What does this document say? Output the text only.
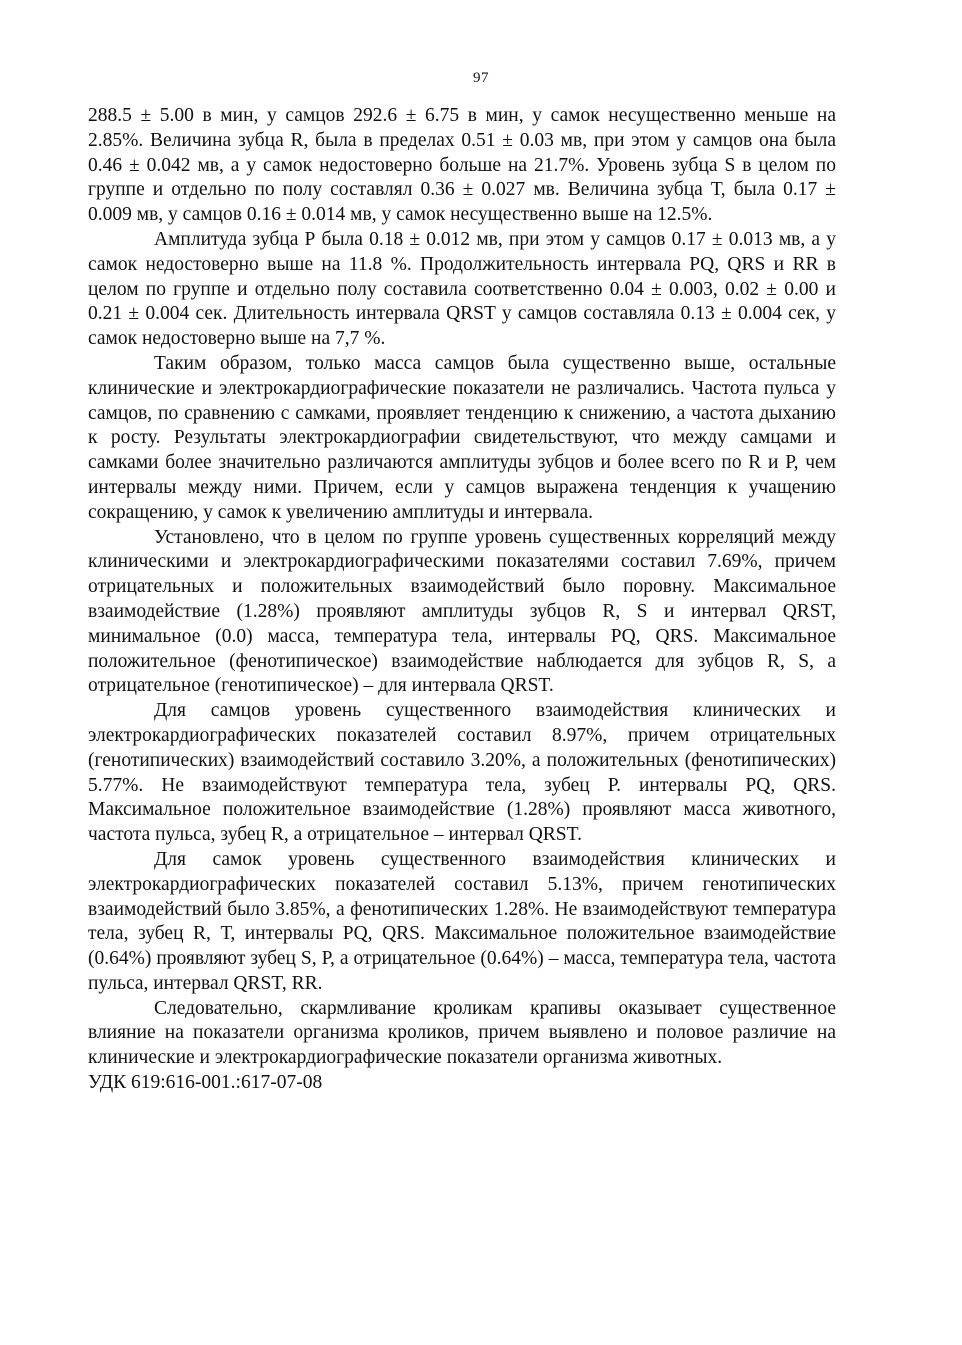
97

288.5 ± 5.00 в мин, у самцов 292.6 ± 6.75 в мин, у самок несущественно меньше на 2.85%. Величина зубца R, была в пределах 0.51 ± 0.03 мв, при этом у самцов она была 0.46 ± 0.042 мв, а у самок недостоверно больше на 21.7%. Уровень зубца S в целом по группе и отдельно по полу составлял 0.36 ± 0.027 мв. Величина зубца Т, была 0.17 ± 0.009 мв, у самцов 0.16 ± 0.014 мв, у самок несущественно выше на 12.5%.

Амплитуда зубца Р была 0.18 ± 0.012 мв, при этом у самцов 0.17 ± 0.013 мв, а у самок недостоверно выше на 11.8 %. Продолжительность интервала PQ, QRS и RR в целом по группе и отдельно полу составила соответственно 0.04 ± 0.003, 0.02 ± 0.00 и 0.21 ± 0.004 сек. Длительность интервала QRST у самцов составляла 0.13 ± 0.004 сек, у самок недостоверно выше на 7,7 %.

Таким образом, только масса самцов была существенно выше, остальные клинические и электрокардиографические показатели не различались. Частота пульса у самцов, по сравнению с самками, проявляет тенденцию к снижению, а частота дыханию к росту. Результаты электрокардиографии свидетельствуют, что между самцами и самками более значительно различаются амплитуды зубцов и более всего по R и Р, чем интервалы между ними. Причем, если у самцов выражена тенденция к учащению сокращению, у самок к увеличению амплитуды и интервала.

Установлено, что в целом по группе уровень существенных корреляций между клиническими и электрокардиографическими показателями составил 7.69%, причем отрицательных и положительных взаимодействий было поровну. Максимальное взаимодействие (1.28%) проявляют амплитуды зубцов R, S и интервал QRST, минимальное (0.0) масса, температура тела, интервалы PQ, QRS. Максимальное положительное (фенотипическое) взаимодействие наблюдается для зубцов R, S, а отрицательное (генотипическое) – для интервала QRST.

Для самцов уровень существенного взаимодействия клинических и электрокардиографических показателей составил 8.97%, причем отрицательных (генотипических) взаимодействий составило 3.20%, а положительных (фенотипических) 5.77%. Не взаимодействуют температура тела, зубец Р. интервалы PQ, QRS. Максимальное положительное взаимодействие (1.28%) проявляют масса животного, частота пульса, зубец R, а отрицательное – интервал QRST.

Для самок уровень существенного взаимодействия клинических и электрокардиографических показателей составил 5.13%, причем генотипических взаимодействий было 3.85%, а фенотипических 1.28%. Не взаимодействуют температура тела, зубец R, Т, интервалы PQ, QRS. Максимальное положительное взаимодействие (0.64%) проявляют зубец S, Р, а отрицательное (0.64%) – масса, температура тела, частота пульса, интервал QRST, RR.

Следовательно, скармливание кроликам крапивы оказывает существенное влияние на показатели организма кроликов, причем выявлено и половое различие на клинические и электрокардиографические показатели организма животных.

УДК 619:616-001.:617-07-08
